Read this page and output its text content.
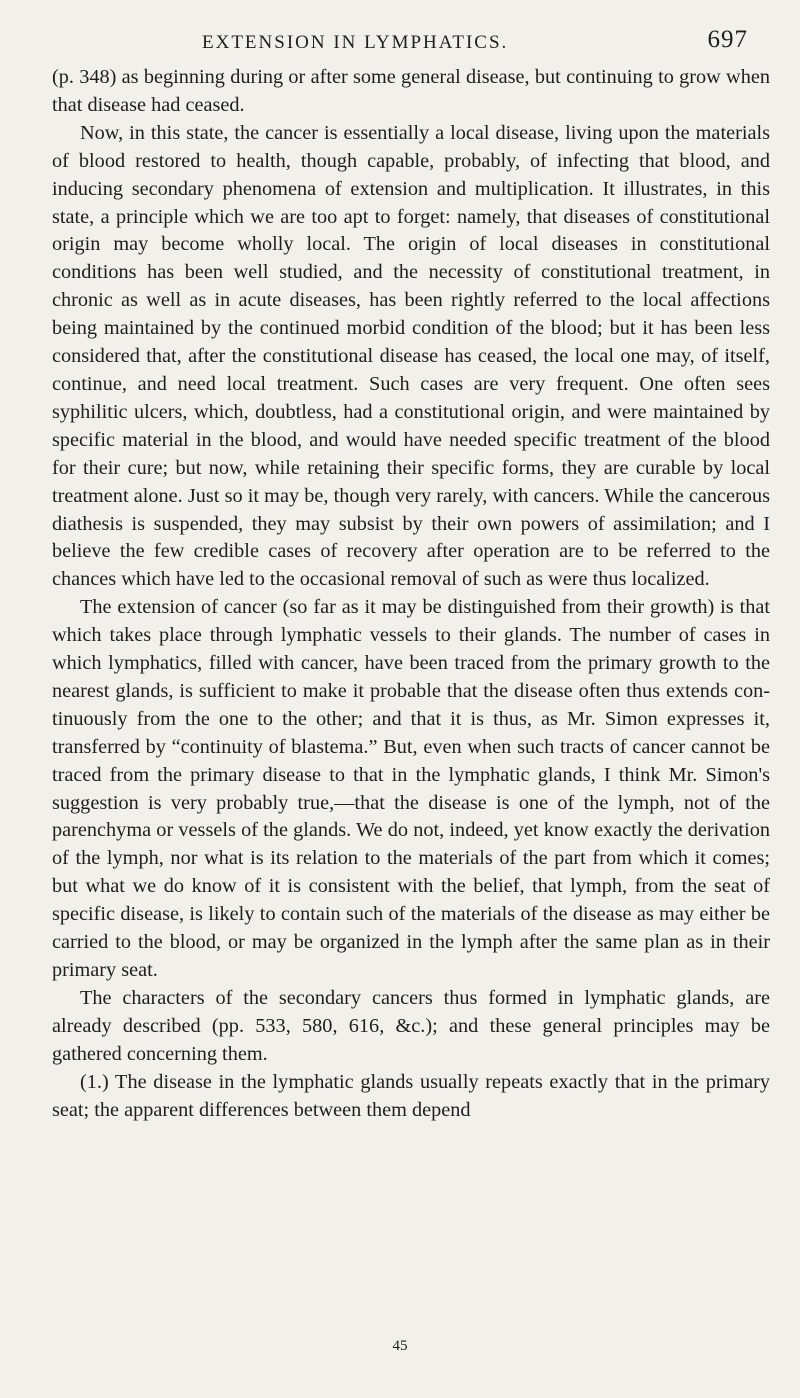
EXTENSION IN LYMPHATICS.	697

(p. 348) as beginning during or after some general disease, but continuing to grow when that disease had ceased.

Now, in this state, the cancer is essentially a local disease, living upon the materials of blood restored to health, though capable, probably, of infecting that blood, and inducing secondary phenomena of extension and multiplication. It illustrates, in this state, a principle which we are too apt to forget: namely, that diseases of constitutional origin may become wholly local. The origin of local diseases in constitutional conditions has been well studied, and the necessity of constitutional treatment, in chronic as well as in acute diseases, has been rightly referred to the local affections being maintained by the continued morbid condition of the blood; but it has been less considered that, after the constitutional disease has ceased, the local one may, of itself, continue, and need local treatment. Such cases are very frequent. One often sees syphilitic ulcers, which, doubtless, had a constitutional origin, and were maintained by specific material in the blood, and would have needed specific treatment of the blood for their cure; but now, while retaining their specific forms, they are curable by local treatment alone. Just so it may be, though very rarely, with cancers. While the cancerous diathesis is suspended, they may subsist by their own powers of assimilation; and I believe the few credible cases of recovery after operation are to be referred to the chances which have led to the occasional removal of such as were thus localized.

The extension of cancer (so far as it may be distinguished from their growth) is that which takes place through lymphatic vessels to their glands. The number of cases in which lymphatics, filled with cancer, have been traced from the primary growth to the nearest glands, is sufficient to make it probable that the disease often thus extends continuously from the one to the other; and that it is thus, as Mr. Simon expresses it, transferred by “continuity of blastema.” But, even when such tracts of cancer cannot be traced from the primary disease to that in the lymphatic glands, I think Mr. Simon's suggestion is very probably true,—that the disease is one of the lymph, not of the parenchyma or vessels of the glands. We do not, indeed, yet know exactly the derivation of the lymph, nor what is its relation to the materials of the part from which it comes; but what we do know of it is consistent with the belief, that lymph, from the seat of specific disease, is likely to contain such of the materials of the disease as may either be carried to the blood, or may be organized in the lymph after the same plan as in their primary seat.

The characters of the secondary cancers thus formed in lymphatic glands, are already described (pp. 533, 580, 616, &c.); and these general principles may be gathered concerning them.

(1.) The disease in the lymphatic glands usually repeats exactly that in the primary seat; the apparent differences between them depend

45
